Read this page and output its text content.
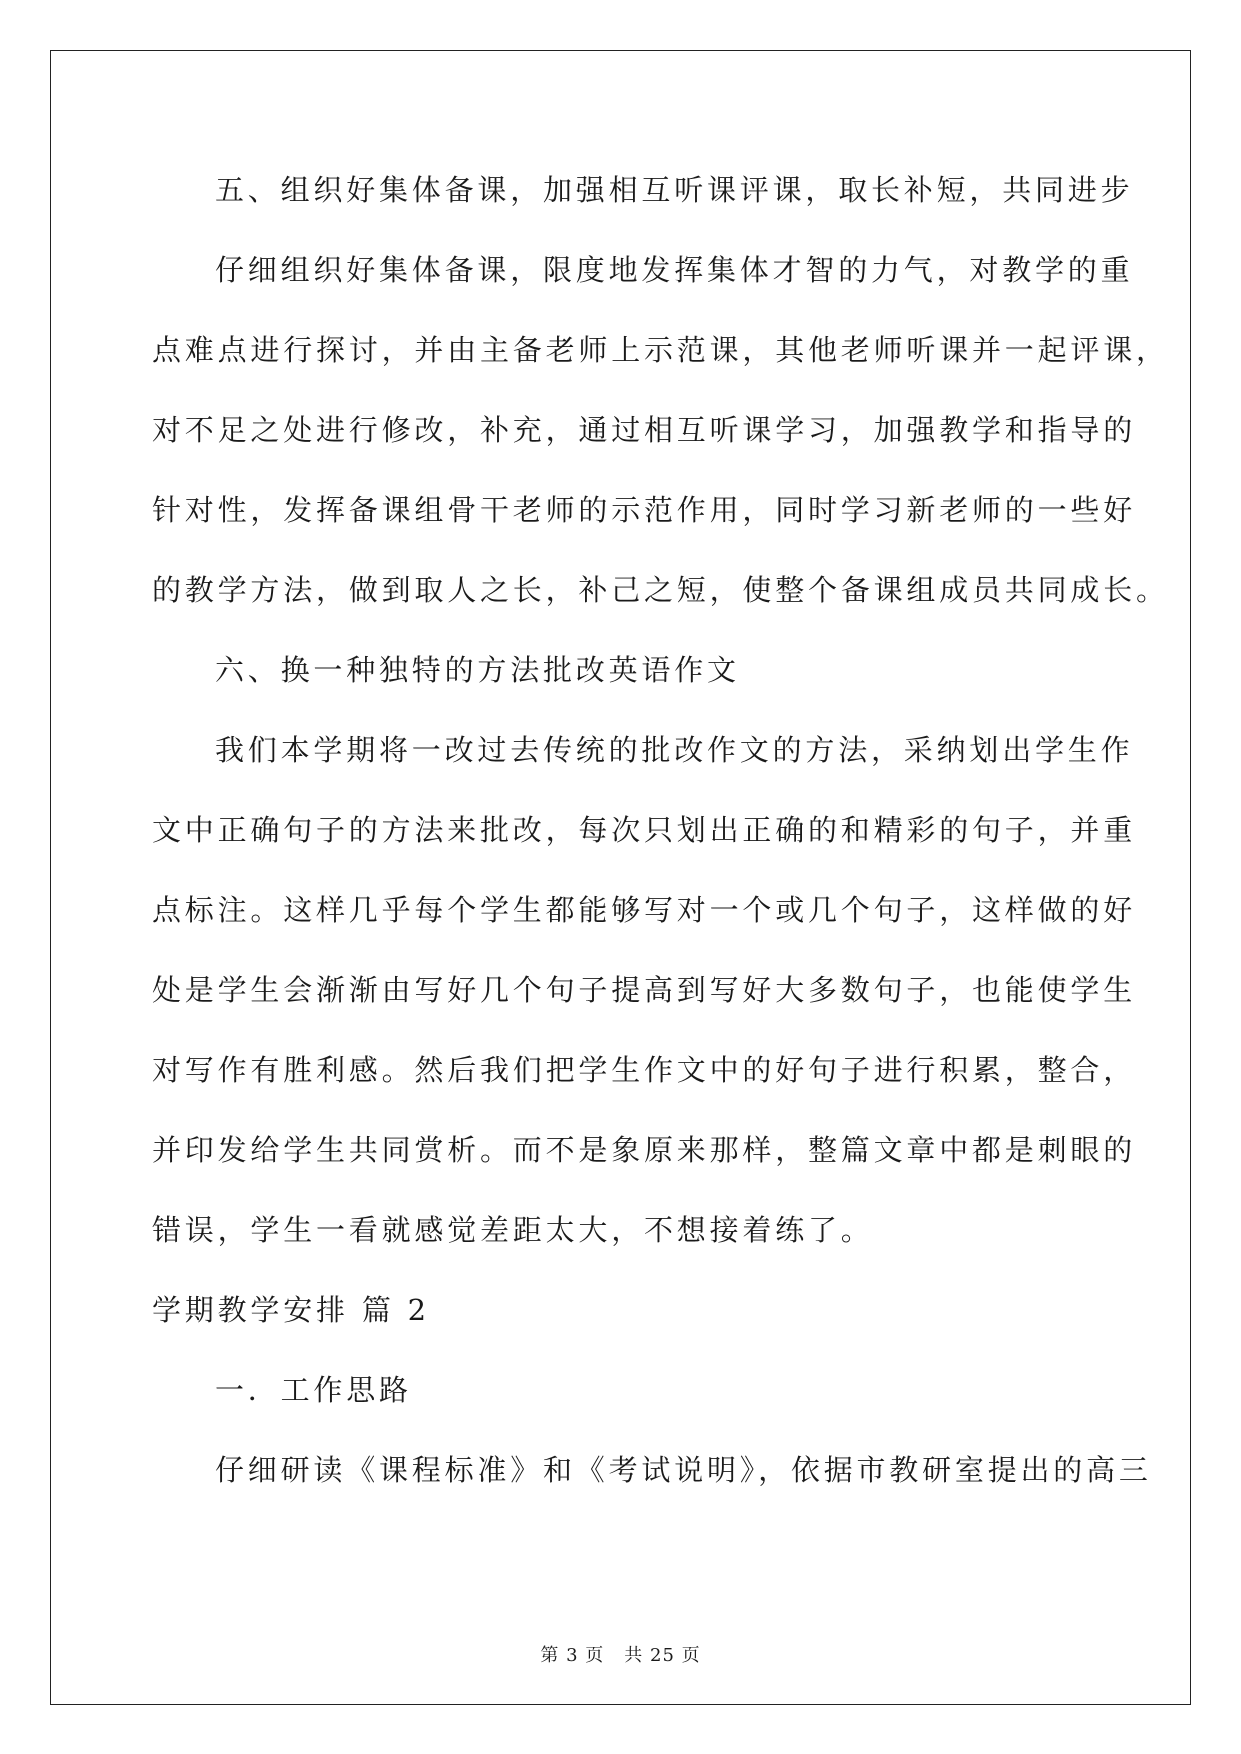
五、组织好集体备课，加强相互听课评课，取长补短，共同进步
仔细组织好集体备课，限度地发挥集体才智的力气，对教学的重
点难点进行探讨，并由主备老师上示范课，其他老师听课并一起评课，
对不足之处进行修改，补充，通过相互听课学习，加强教学和指导的
针对性，发挥备课组骨干老师的示范作用，同时学习新老师的一些好
的教学方法，做到取人之长，补己之短，使整个备课组成员共同成长。
六、换一种独特的方法批改英语作文
我们本学期将一改过去传统的批改作文的方法，采纳划出学生作
文中正确句子的方法来批改，每次只划出正确的和精彩的句子，并重
点标注。这样几乎每个学生都能够写对一个或几个句子，这样做的好
处是学生会渐渐由写好几个句子提高到写好大多数句子，也能使学生
对写作有胜利感。然后我们把学生作文中的好句子进行积累，整合，
并印发给学生共同赏析。而不是象原来那样，整篇文章中都是刺眼的
错误，学生一看就感觉差距太大，不想接着练了。
学期教学安排 篇 2
一．工作思路
仔细研读《课程标准》和《考试说明》，依据市教研室提出的高三
第 3 页 共 25 页
